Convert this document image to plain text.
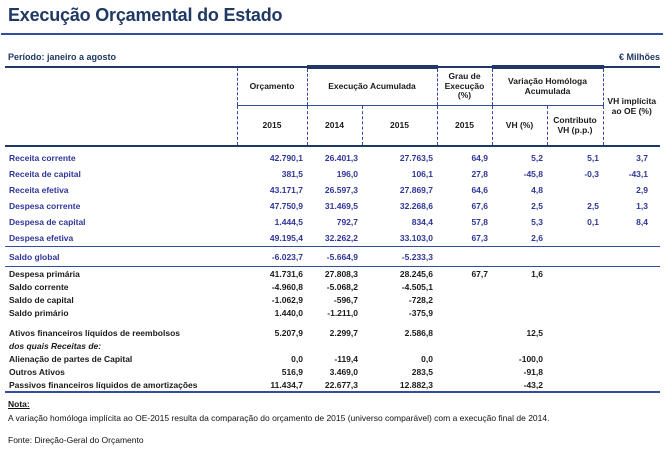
Execução Orçamental do Estado
Período: janeiro a agosto	€ Milhões
	Orçamento	Execução Acumulada		Grau de Execução (%)	Variação Homóloga Acumulada		VH implícita ao OE (%)
	2015	2014	2015	2015	VH (%)	Contributo VH (p.p.)	

Receita corrente	42.790,1	26.401,3	27.763,5	64,9	5,2	5,1	3,7
Receita de capital	381,5	196,0	106,1	27,8	-45,8	-0,3	-43,1
Receita efetiva	43.171,7	26.597,3	27.869,7	64,6	4,8		2,9
Despesa corrente	47.750,9	31.469,5	32.268,6	67,6	2,5	2,5	1,3
Despesa de capital	1.444,5	792,7	834,4	57,8	5,3	0,1	8,4
Despesa efetiva	49.195,4	32.262,2	33.103,0	67,3	2,6		
Saldo global	-6.023,7	-5.664,9	-5.233,3				
Despesa primária	41.731,6	27.808,3	28.245,6	67,7	1,6		
Saldo corrente	-4.960,8	-5.068,2	-4.505,1				
Saldo de capital	-1.062,9	-596,7	-728,2				
Saldo primário	1.440,0	-1.211,0	-375,9				

Ativos financeiros líquidos de reembolsos	5.207,9	2.299,7	2.586,8		12,5		
dos quais Receitas de:							
Alienação de partes de Capital	0,0	-119,4	0,0		-100,0		
Outros Ativos	516,9	3.469,0	283,5		-91,8		
Passivos financeiros líquidos de amortizações	11.434,7	22.677,3	12.882,3		-43,2		
Nota:
A variação homóloga implícita ao OE-2015 resulta da comparação do orçamento de 2015 (universo comparável) com a execução final de 2014.
Fonte: Direção-Geral do Orçamento
